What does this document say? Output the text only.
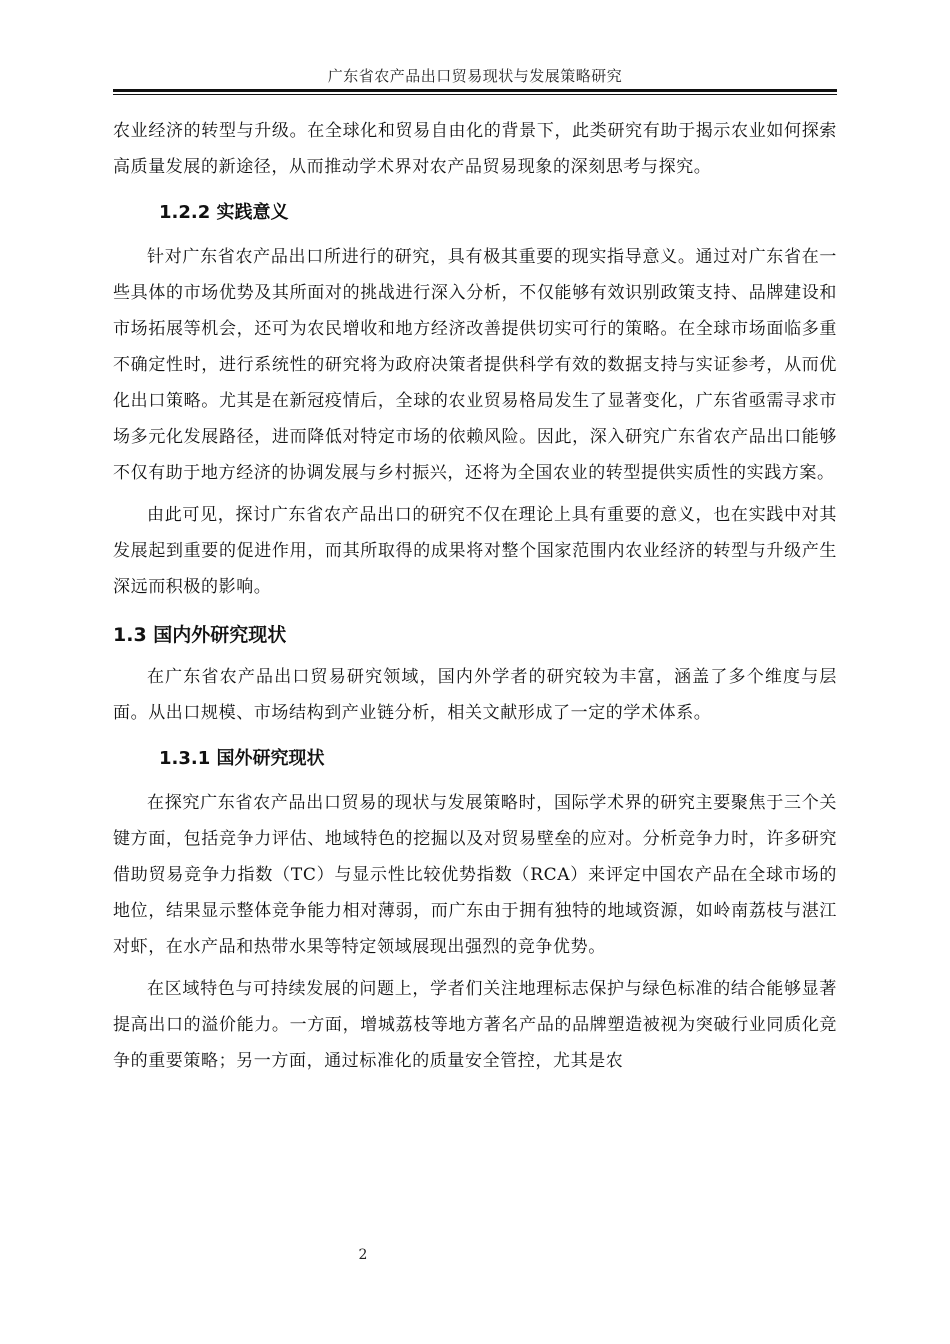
广东省农产品出口贸易现状与发展策略研究

农业经济的转型与升级。在全球化和贸易自由化的背景下，此类研究有助于揭示农业如何探索高质量发展的新途径，从而推动学术界对农产品贸易现象的深刻思考与探究。

1.2.2 实践意义

针对广东省农产品出口所进行的研究，具有极其重要的现实指导意义。通过对广东省在一些具体的市场优势及其所面对的挑战进行深入分析，不仅能够有效识别政策支持、品牌建设和市场拓展等机会，还可为农民增收和地方经济改善提供切实可行的策略。在全球市场面临多重不确定性时，进行系统性的研究将为政府决策者提供科学有效的数据支持与实证参考，从而优化出口策略。尤其是在新冠疫情后，全球的农业贸易格局发生了显著变化，广东省亟需寻求市场多元化发展路径，进而降低对特定市场的依赖风险。因此，深入研究广东省农产品出口能够不仅有助于地方经济的协调发展与乡村振兴，还将为全国农业的转型提供实质性的实践方案。

由此可见，探讨广东省农产品出口的研究不仅在理论上具有重要的意义，也在实践中对其发展起到重要的促进作用，而其所取得的成果将对整个国家范围内农业经济的转型与升级产生深远而积极的影响。

1.3 国内外研究现状

在广东省农产品出口贸易研究领域，国内外学者的研究较为丰富，涵盖了多个维度与层面。从出口规模、市场结构到产业链分析，相关文献形成了一定的学术体系。

1.3.1 国外研究现状

在探究广东省农产品出口贸易的现状与发展策略时，国际学术界的研究主要聚焦于三个关键方面，包括竞争力评估、地域特色的挖掘以及对贸易壁垒的应对。分析竞争力时，许多研究借助贸易竞争力指数（TC）与显示性比较优势指数（RCA）来评定中国农产品在全球市场的地位，结果显示整体竞争能力相对薄弱，而广东由于拥有独特的地域资源，如岭南荔枝与湛江对虾，在水产品和热带水果等特定领域展现出强烈的竞争优势。

在区域特色与可持续发展的问题上，学者们关注地理标志保护与绿色标准的结合能够显著提高出口的溢价能力。一方面，增城荔枝等地方著名产品的品牌塑造被视为突破行业同质化竞争的重要策略；另一方面，通过标准化的质量安全管控，尤其是农

2
